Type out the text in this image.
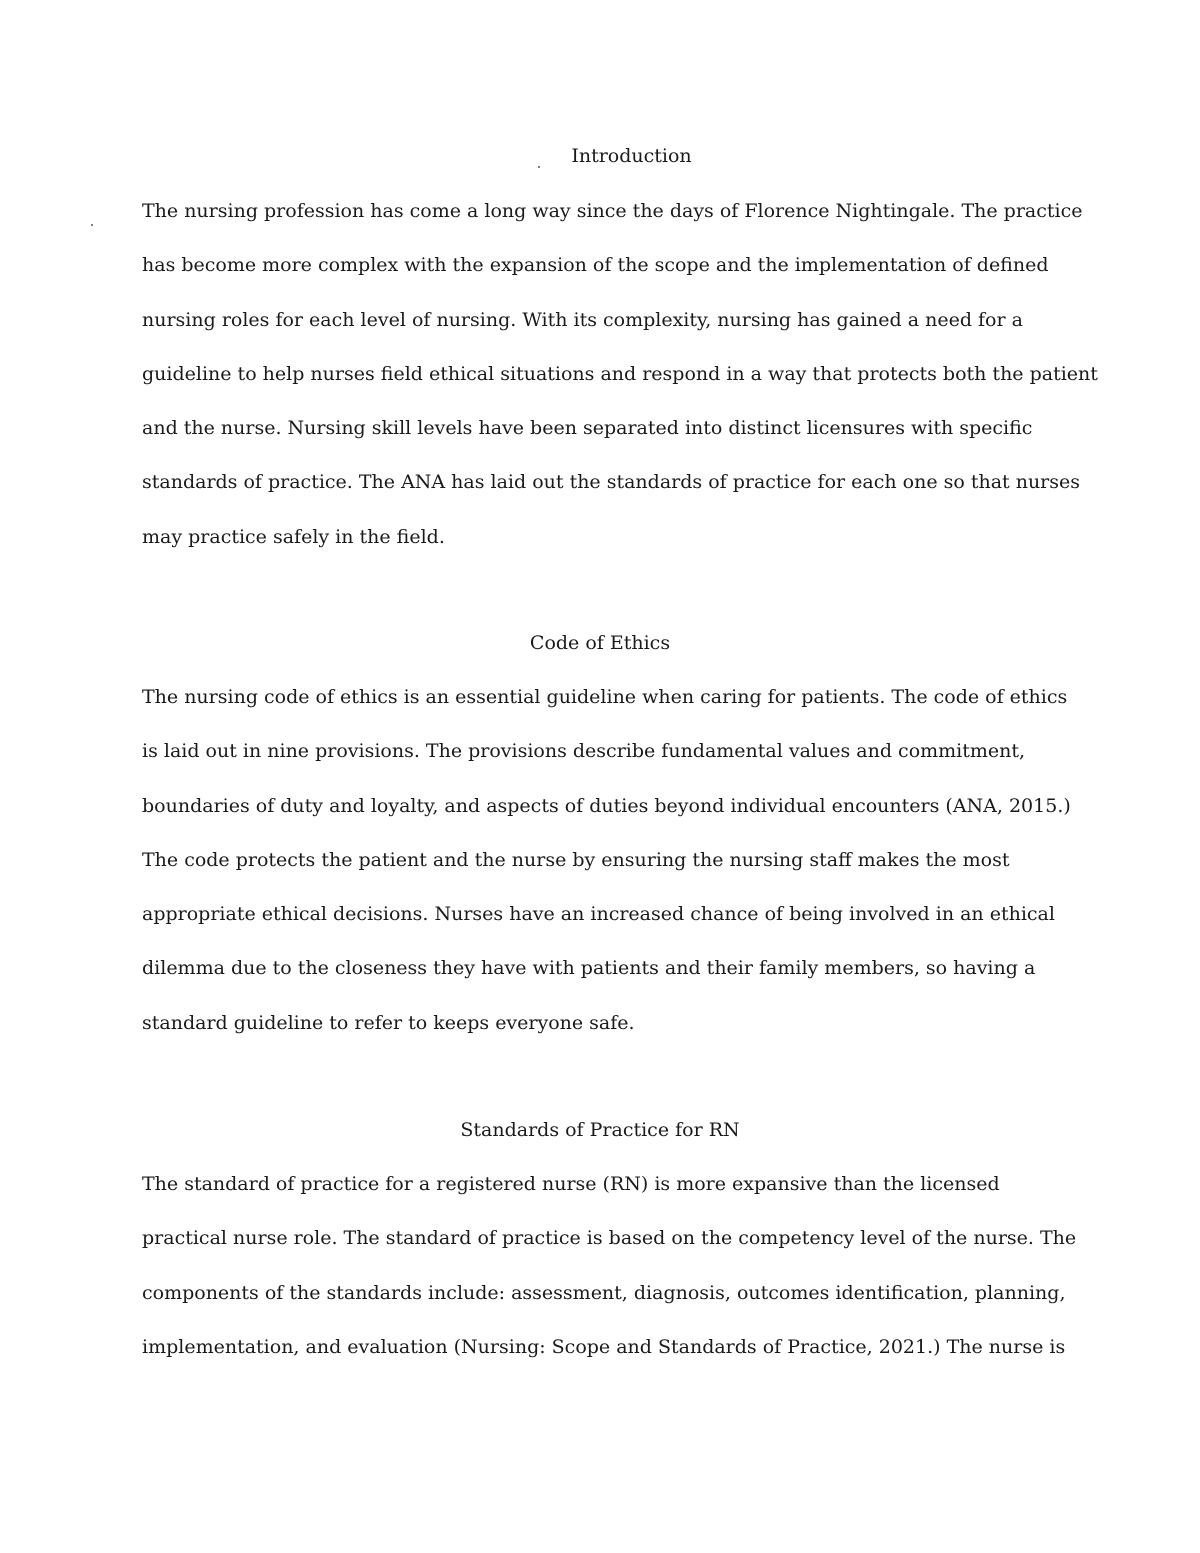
Introduction
The nursing profession has come a long way since the days of Florence Nightingale. The practice
has become more complex with the expansion of the scope and the implementation of defined
nursing roles for each level of nursing. With its complexity, nursing has gained a need for a
guideline to help nurses field ethical situations and respond in a way that protects both the patient
and the nurse. Nursing skill levels have been separated into distinct licensures with specific
standards of practice. The ANA has laid out the standards of practice for each one so that nurses
may practice safely in the field.
Code of Ethics
The nursing code of ethics is an essential guideline when caring for patients. The code of ethics
is laid out in nine provisions. The provisions describe fundamental values and commitment,
boundaries of duty and loyalty, and aspects of duties beyond individual encounters (ANA, 2015.)
The code protects the patient and the nurse by ensuring the nursing staff makes the most
appropriate ethical decisions. Nurses have an increased chance of being involved in an ethical
dilemma due to the closeness they have with patients and their family members, so having a
standard guideline to refer to keeps everyone safe.
Standards of Practice for RN
The standard of practice for a registered nurse (RN) is more expansive than the licensed
practical nurse role. The standard of practice is based on the competency level of the nurse. The
components of the standards include: assessment, diagnosis, outcomes identification, planning,
implementation, and evaluation (Nursing: Scope and Standards of Practice, 2021.) The nurse is
